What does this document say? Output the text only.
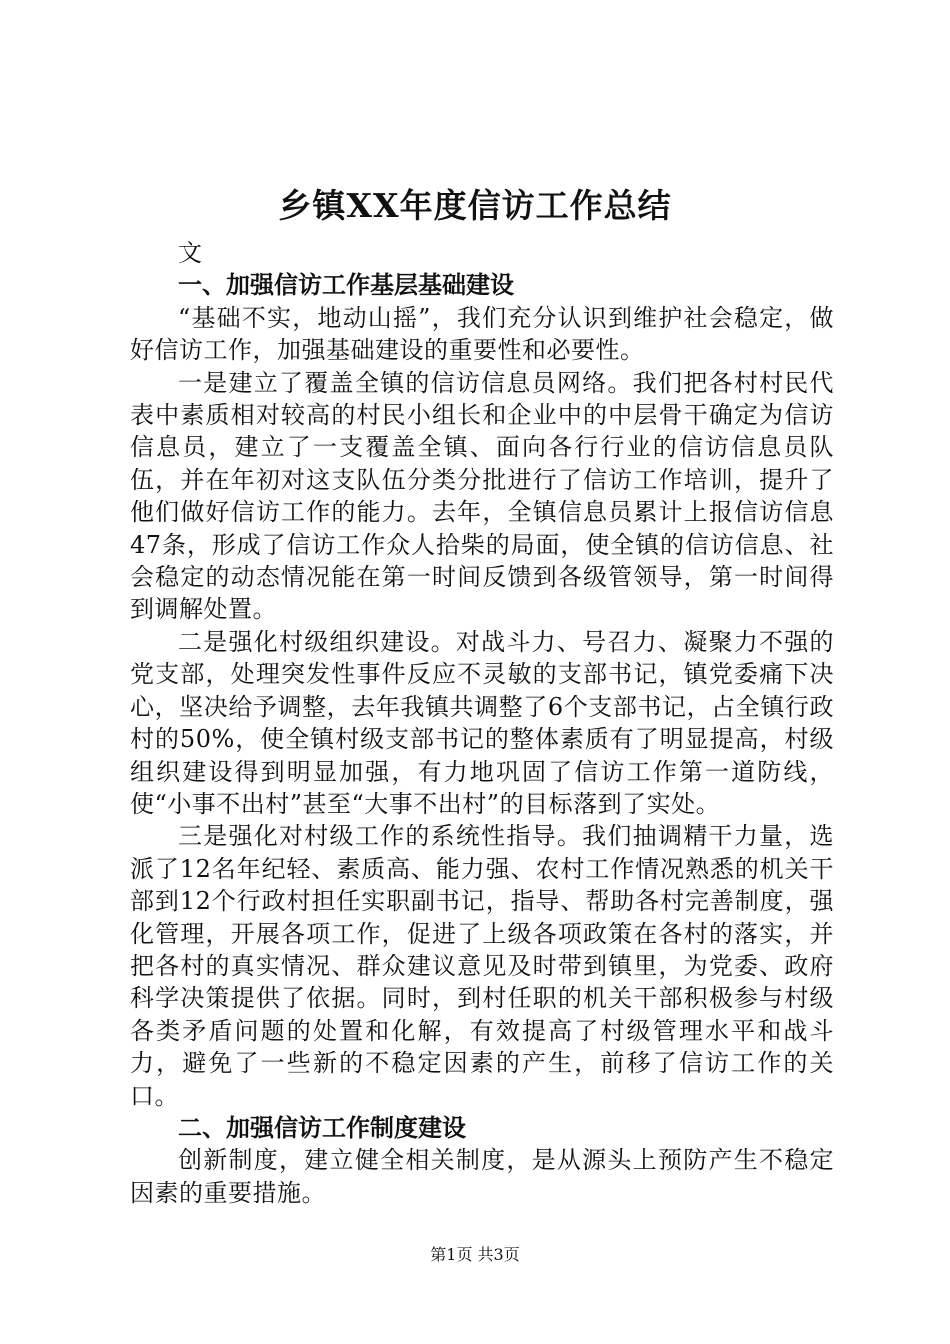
乡镇XX年度信访工作总结

文

一、加强信访工作基层基础建设

“基础不实，地动山摇”，我们充分认识到维护社会稳定，做好信访工作，加强基础建设的重要性和必要性。

一是建立了覆盖全镇的信访信息员网络。我们把各村村民代表中素质相对较高的村民小组长和企业中的中层骨干确定为信访信息员，建立了一支覆盖全镇、面向各行行业的信访信息员队伍，并在年初对这支队伍分类分批进行了信访工作培训，提升了他们做好信访工作的能力。去年，全镇信息员累计上报信访信息47条，形成了信访工作众人拾柴的局面，使全镇的信访信息、社会稳定的动态情况能在第一时间反馈到各级管领导，第一时间得到调解处置。

二是强化村级组织建设。对战斗力、号召力、凝聚力不强的党支部，处理突发性事件反应不灵敏的支部书记，镇党委痛下决心，坚决给予调整，去年我镇共调整了6个支部书记，占全镇行政村的50%，使全镇村级支部书记的整体素质有了明显提高，村级组织建设得到明显加强，有力地巩固了信访工作第一道防线，使“小事不出村”甚至“大事不出村”的目标落到了实处。

三是强化对村级工作的系统性指导。我们抽调精干力量，选派了12名年纪轻、素质高、能力强、农村工作情况熟悉的机关干部到12个行政村担任实职副书记，指导、帮助各村完善制度，强化管理，开展各项工作，促进了上级各项政策在各村的落实，并把各村的真实情况、群众建议意见及时带到镇里，为党委、政府科学决策提供了依据。同时，到村任职的机关干部积极参与村级各类矛盾问题的处置和化解，有效提高了村级管理水平和战斗力，避免了一些新的不稳定因素的产生，前移了信访工作的关口。

二、加强信访工作制度建设

创新制度，建立健全相关制度，是从源头上预防产生不稳定因素的重要措施。

第1页 共3页
